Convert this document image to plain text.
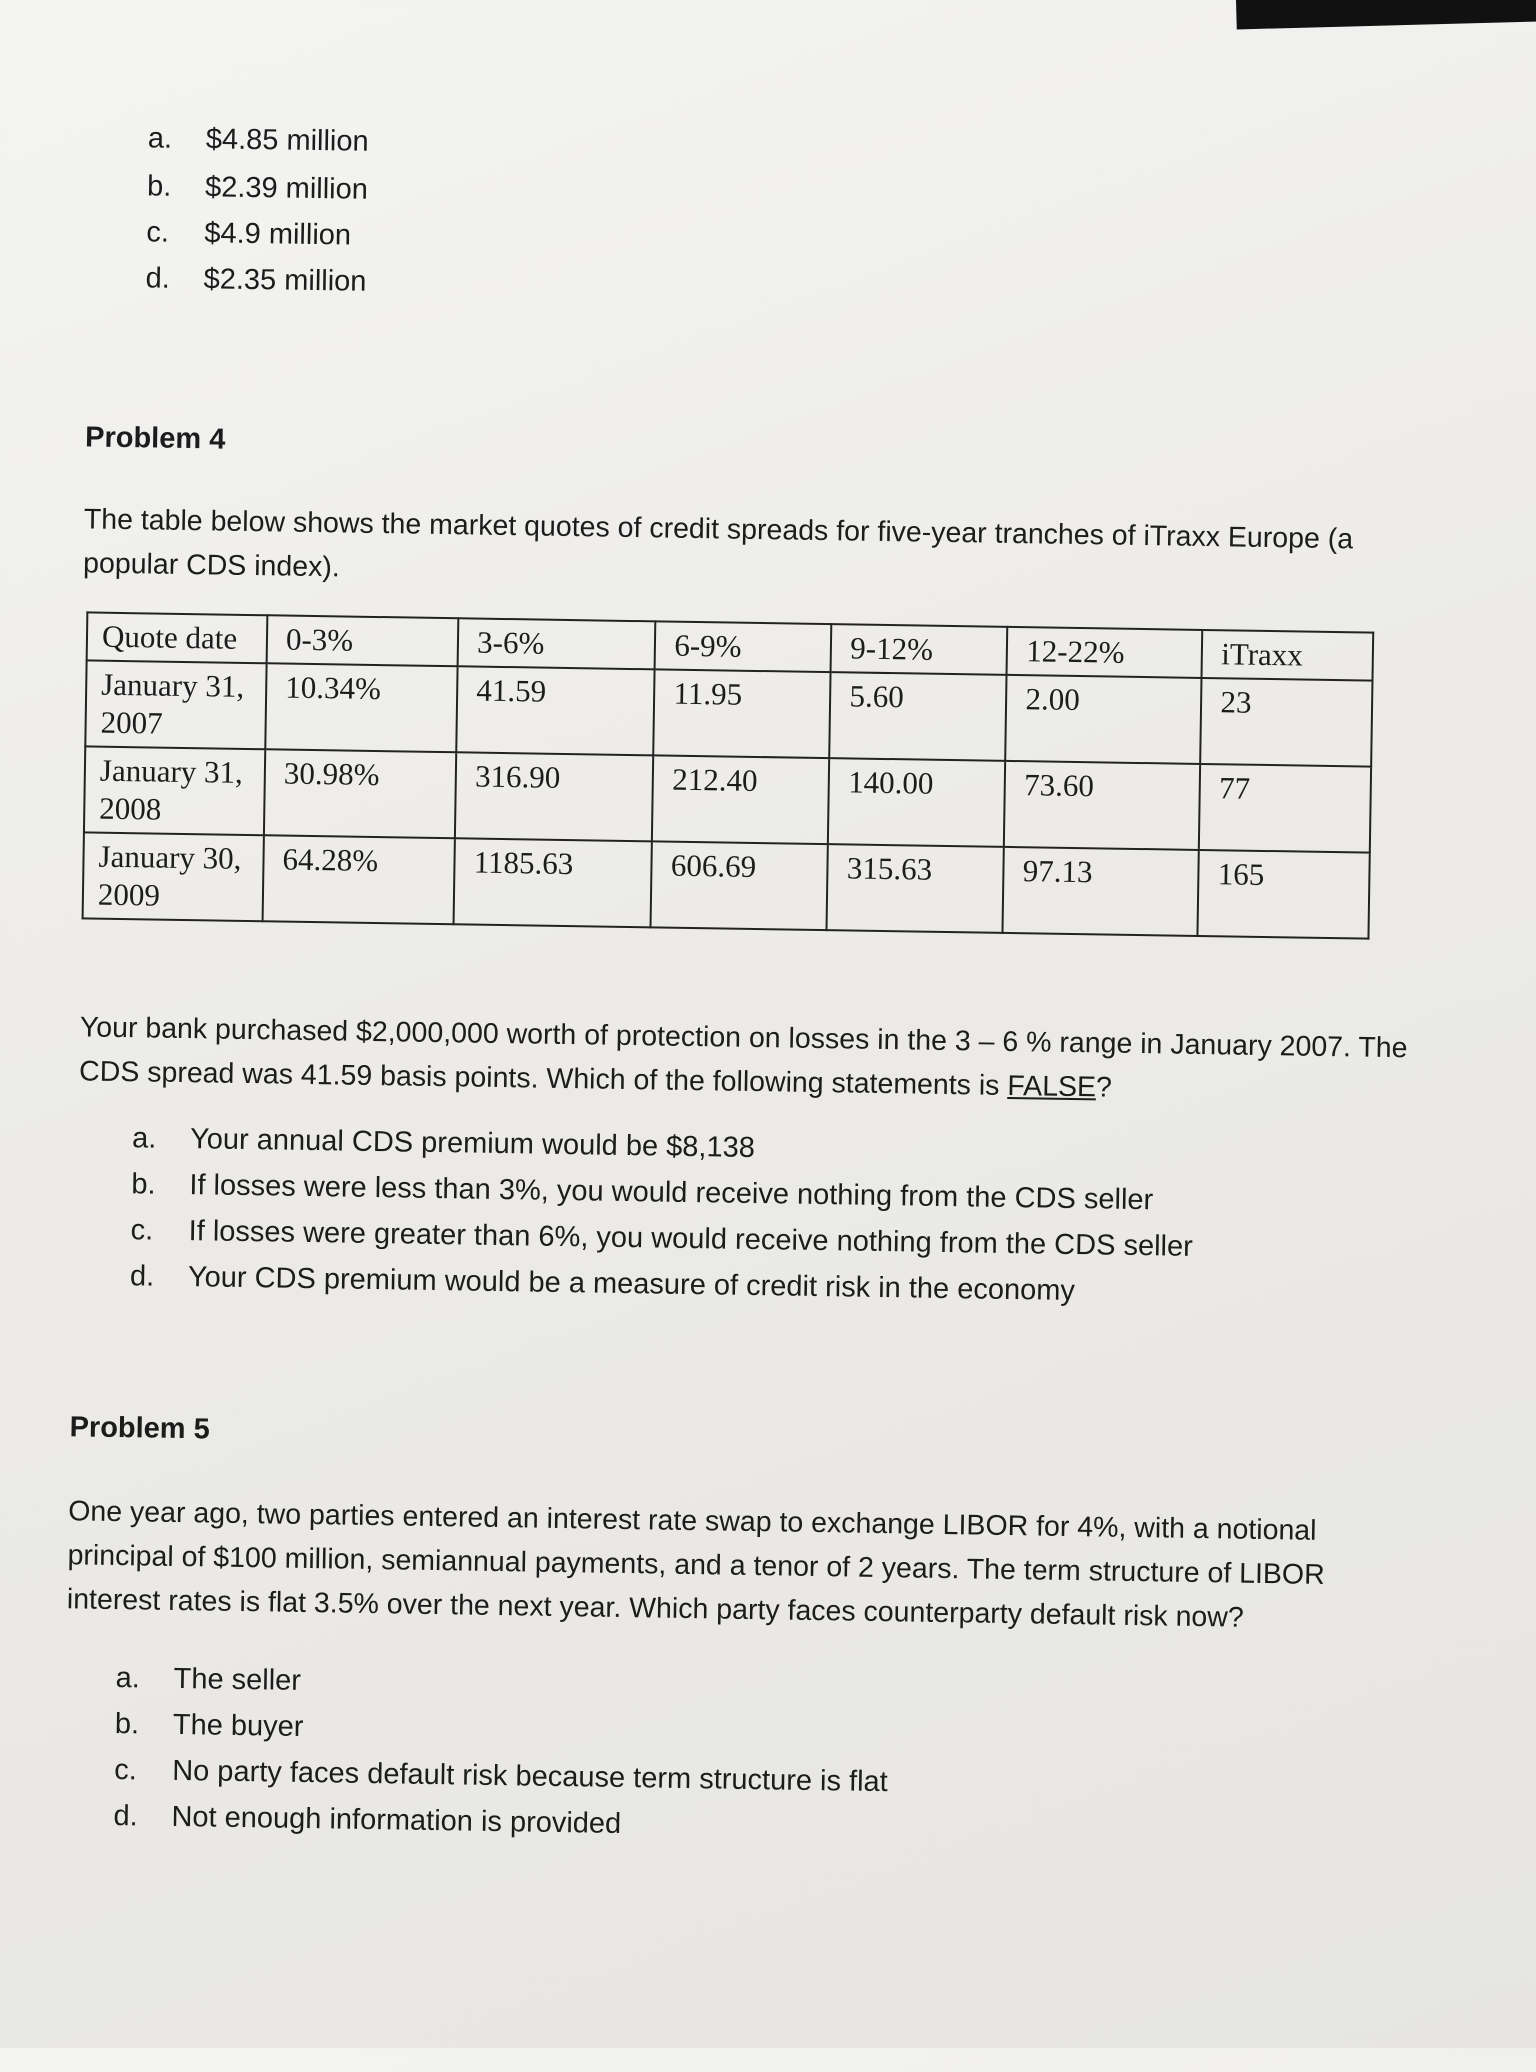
a. $4.85 million
b. $2.39 million
c. $4.9 million
d. $2.35 million
Problem 4
The table below shows the market quotes of credit spreads for five-year tranches of iTraxx Europe (a popular CDS index).
Quote date	0-3%	3-6%	6-9%	9-12%	12-22%	iTraxx
January 31, 2007	10.34%	41.59	11.95	5.60	2.00	23
January 31, 2008	30.98%	316.90	212.40	140.00	73.60	77
January 30, 2009	64.28%	1185.63	606.69	315.63	97.13	165
Your bank purchased $2,000,000 worth of protection on losses in the 3 – 6 % range in January 2007. The CDS spread was 41.59 basis points. Which of the following statements is FALSE?
a. Your annual CDS premium would be $8,138
b. If losses were less than 3%, you would receive nothing from the CDS seller
c. If losses were greater than 6%, you would receive nothing from the CDS seller
d. Your CDS premium would be a measure of credit risk in the economy
Problem 5
One year ago, two parties entered an interest rate swap to exchange LIBOR for 4%, with a notional principal of $100 million, semiannual payments, and a tenor of 2 years. The term structure of LIBOR interest rates is flat 3.5% over the next year. Which party faces counterparty default risk now?
a. The seller
b. The buyer
c. No party faces default risk because term structure is flat
d. Not enough information is provided
